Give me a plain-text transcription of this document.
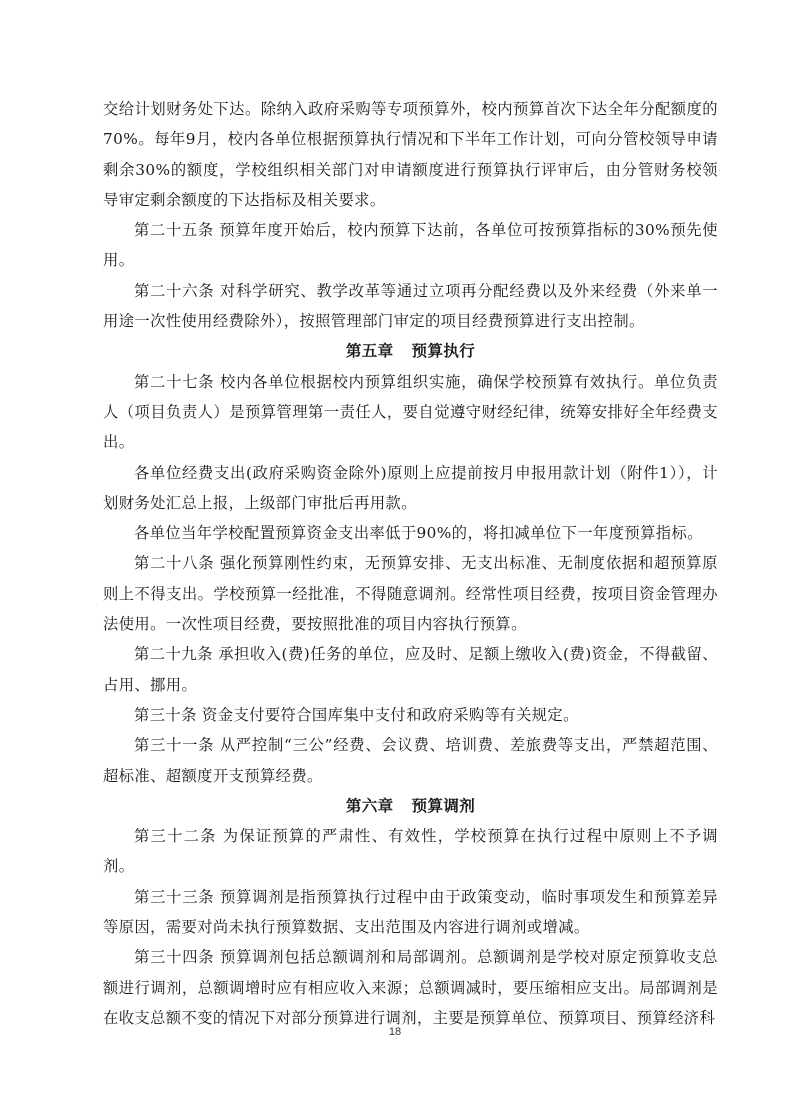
交给计划财务处下达。除纳入政府采购等专项预算外，校内预算首次下达全年分配额度的70%。每年9月，校内各单位根据预算执行情况和下半年工作计划，可向分管校领导申请剩余30%的额度，学校组织相关部门对申请额度进行预算执行评审后，由分管财务校领导审定剩余额度的下达指标及相关要求。

第二十五条 预算年度开始后，校内预算下达前，各单位可按预算指标的30%预先使用。

第二十六条 对科学研究、教学改革等通过立项再分配经费以及外来经费（外来单一用途一次性使用经费除外），按照管理部门审定的项目经费预算进行支出控制。

第五章 预算执行

第二十七条 校内各单位根据校内预算组织实施，确保学校预算有效执行。单位负责人（项目负责人）是预算管理第一责任人，要自觉遵守财经纪律，统筹安排好全年经费支出。

各单位经费支出(政府采购资金除外)原则上应提前按月申报用款计划（附件1）），计划财务处汇总上报，上级部门审批后再用款。

各单位当年学校配置预算资金支出率低于90%的，将扣减单位下一年度预算指标。

第二十八条 强化预算刚性约束，无预算安排、无支出标准、无制度依据和超预算原则上不得支出。学校预算一经批准，不得随意调剂。经常性项目经费，按项目资金管理办法使用。一次性项目经费，要按照批准的项目内容执行预算。

第二十九条 承担收入(费)任务的单位，应及时、足额上缴收入(费)资金，不得截留、占用、挪用。

第三十条 资金支付要符合国库集中支付和政府采购等有关规定。

第三十一条 从严控制“三公”经费、会议费、培训费、差旅费等支出，严禁超范围、超标准、超额度开支预算经费。

第六章 预算调剂

第三十二条 为保证预算的严肃性、有效性，学校预算在执行过程中原则上不予调剂。

第三十三条 预算调剂是指预算执行过程中由于政策变动，临时事项发生和预算差异等原因，需要对尚未执行预算数据、支出范围及内容进行调剂或增减。

第三十四条 预算调剂包括总额调剂和局部调剂。总额调剂是学校对原定预算收支总额进行调剂，总额调增时应有相应收入来源；总额调减时，要压缩相应支出。局部调剂是在收支总额不变的情况下对部分预算进行调剂，主要是预算单位、预算项目、预算经济科

18
